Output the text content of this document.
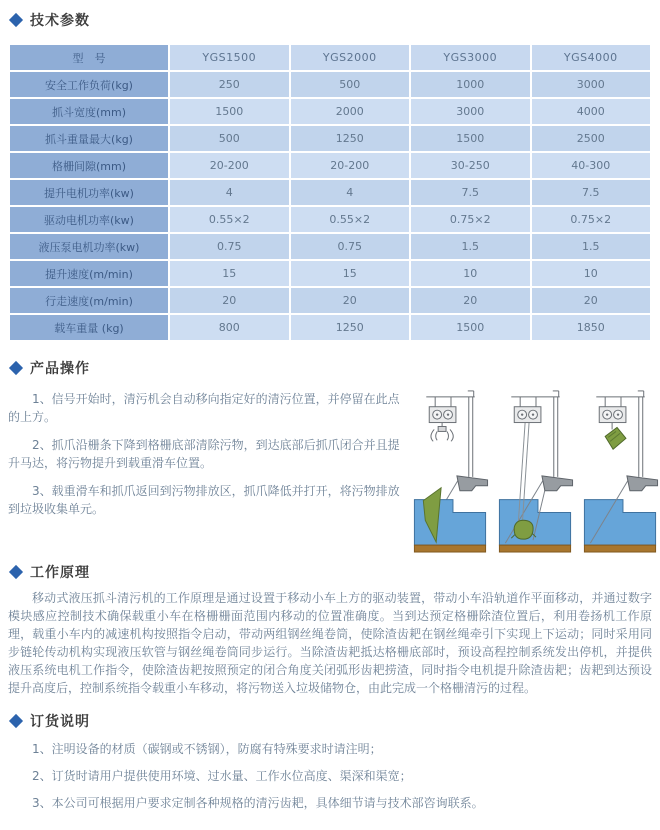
技术参数
型　号	YGS1500	YGS2000	YGS3000	YGS4000
安全工作负荷(kg)	250	500	1000	3000
抓斗宽度(mm)	1500	2000	3000	4000
抓斗重量最大(kg)	500	1250	1500	2500
格栅间隙(mm)	20-200	20-200	30-250	40-300
提升电机功率(kw)	4	4	7.5	7.5
驱动电机功率(kw)	0.55×2	0.55×2	0.75×2	0.75×2
液压泵电机功率(kw)	0.75	0.75	1.5	1.5
提升速度(m/min)	15	15	10	10
行走速度(m/min)	20	20	20	20
载车重量 (kg)	800	1250	1500	1850
产品操作

1、信号开始时，清污机会自动移向指定好的清污位置，并停留在此点的上方。

2、抓爪沿栅条下降到格栅底部清除污物，到达底部后抓爪闭合并且提升马达，将污物提升到载重滑车位置。

3、载重滑车和抓爪返回到污物排放区，抓爪降低并打开，将污物排放到垃圾收集单元。

工作原理

移动式液压抓斗清污机的工作原理是通过设置于移动小车上方的驱动装置，带动小车沿轨道作平面移动，并通过数字模块感应控制技术确保载重小车在格栅栅面范围内移动的位置准确度。当到达预定格栅除渣位置后，利用卷扬机工作原理，载重小车内的减速机构按照指令启动，带动两组钢丝绳卷筒，使除渣齿耙在钢丝绳牵引下实现上下运动；同时采用同步链轮传动机构实现液压软管与钢丝绳卷筒同步运行。当除渣齿耙抵达格栅底部时，预设高程控制系统发出停机，并提供液压系统电机工作指令，使除渣齿耙按照预定的闭合角度关闭弧形齿耙捞渣，同时指令电机提升除渣齿耙；齿耙到达预设提升高度后，控制系统指令载重小车移动，将污物送入垃圾储物仓，由此完成一个格栅清污的过程。

订货说明

1、注明设备的材质（碳钢或不锈钢），防腐有特殊要求时请注明；

2、订货时请用户提供使用环境、过水量、工作水位高度、渠深和渠宽；

3、本公司可根据用户要求定制各种规格的清污齿耙，具体细节请与技术部咨询联系。
